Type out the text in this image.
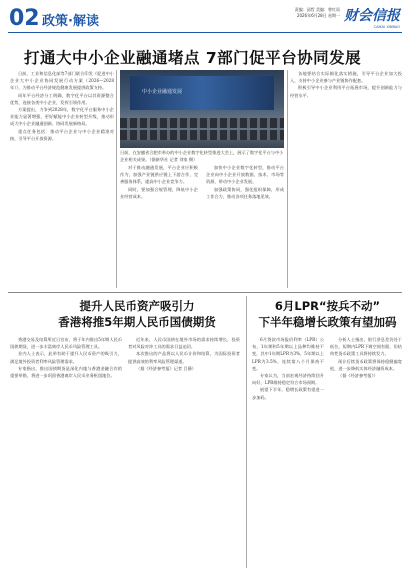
02 政策·解读
责编：邱哲 美编：曾红雨
2026年6月28日 星期一 财会信报
CAIKUI XINBAO
打通大中小企业融通堵点 7部门促平台协同发展

日前，工业和信息化部等7部门联合印发《促进中小企业大中小企业协同发展行动方案（2026—2028年）》，为推动平台经济规范健康发展提供政策支持。

同年平台经济分工明确，数字化平台以其资源整合优势，连接各类中小企业，发挥引领作用。

方案提出，力争到2028年，数字化平台服务中小企业能力显著增强，更好赋能中小企业转型升级，推动形成大中小企业融通创新、协同发展新格局。

重点任务包括：推动平台企业与中小企业精准对接，引导平台开放资源。

中小企业融通发展
日前，在安徽省合肥市举办的中小企业数字化转型推进大会上，展示了数字化平台与中小企业相关成果。（据新华社 记者 刘家 摄）

对于推动融通发展，平台企业应积极作为，加强产业链供应链上下游合作，完善服务体系，提高中小企业竞争力。

同时，要加强合规管理，降低中小企业经营成本。

加快中小企业数字化转型，推动平台企业向中小企业开放数据、技术、市场等资源，带动中小企业发展。

加强政策协同，强化组织保障，形成工作合力，推动各项任务落地见效。

各地要结合实际细化落实措施，引导平台企业加大投入，支持中小企业参与产业链协作配套。

积极引导中小企业利用平台拓展市场，提升创新能力与经营水平。

提升人民币资产吸引力
香港将推5年期人民币国债期货

香港交易及结算所近日宣布，将于年内推出5年期人民币国债期货，进一步丰富离岸人民币风险管理工具。

业内人士表示，此举有助于提升人民币资产的吸引力，满足境外投资者利率风险管理需求。

专家指出，推出国债期货是深化内地与香港金融合作的重要举措，将进一步巩固香港离岸人民币业务枢纽地位。

近年来，人民币国债在境外市场的需求持续增长，投资者对风险对冲工具的需求日益迫切。

本次推出的产品将以人民币计价和结算，为国际投资者提供高效的利率风险管理渠道。

（据《经济参考报》记者 吕静）

6月LPR“按兵不动”
下半年稳增长政策有望加码

6月贷款市场报价利率（LPR）公布，1年期和5年期以上品种均维持不变，其中1年期LPR为3%，5年期以上LPR为3.5%，连续第八个月保持不变。

专家认为，当前宏观经济持续回升向好，LPR维持稳定符合市场预期。

展望下半年，稳增长政策有望进一步加码。

分析人士指出，银行净息差仍处于低位，短期内LPR下调空间有限，但结构性货币政策工具将持续发力。

预计后续货币政策将保持稳健偏宽松，进一步降低实体经济融资成本。

（据《经济参考报》）
